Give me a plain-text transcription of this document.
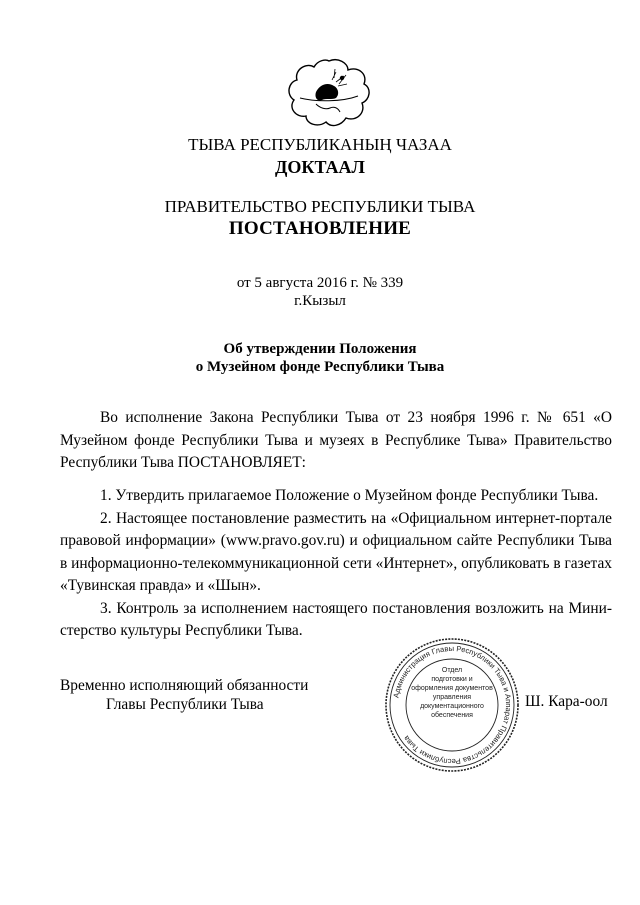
ТЫВА РЕСПУБЛИКАНЫҢ ЧАЗАА
ДОКТААЛ
ПРАВИТЕЛЬСТВО РЕСПУБЛИКИ ТЫВА
ПОСТАНОВЛЕНИЕ
от 5 августа 2016 г. № 339
г.Кызыл
Об утверждении Положения
о Музейном фонде Республики Тыва
Во исполнение Закона Республики Тыва от 23 ноября 1996 г. № 651 «О
Музейном фонде Республики Тыва и музеях в Республике Тыва» Правительство
Республики Тыва ПОСТАНОВЛЯЕТ:
1. Утвердить прилагаемое Положение о Музейном фонде Республики Тыва.
2. Настоящее постановление разместить на «Официальном интернет-портале
правовой информации» (www.pravo.gov.ru) и официальном сайте Республики Тыва
в информационно-телекоммуникационной сети «Интернет», опубликовать в газетах
«Тувинская правда» и «Шын».
3. Контроль за исполнением настоящего постановления возложить на Мини-
стерство культуры Республики Тыва.
Временно исполняющий обязанности
Главы Республики Тыва
Администрация Главы Республики Тыва и Аппарат Правительства Республики Тыва
Отдел
подготовки и
оформления документов
управления
документационного
обеспечения
Ш. Кара-оол
